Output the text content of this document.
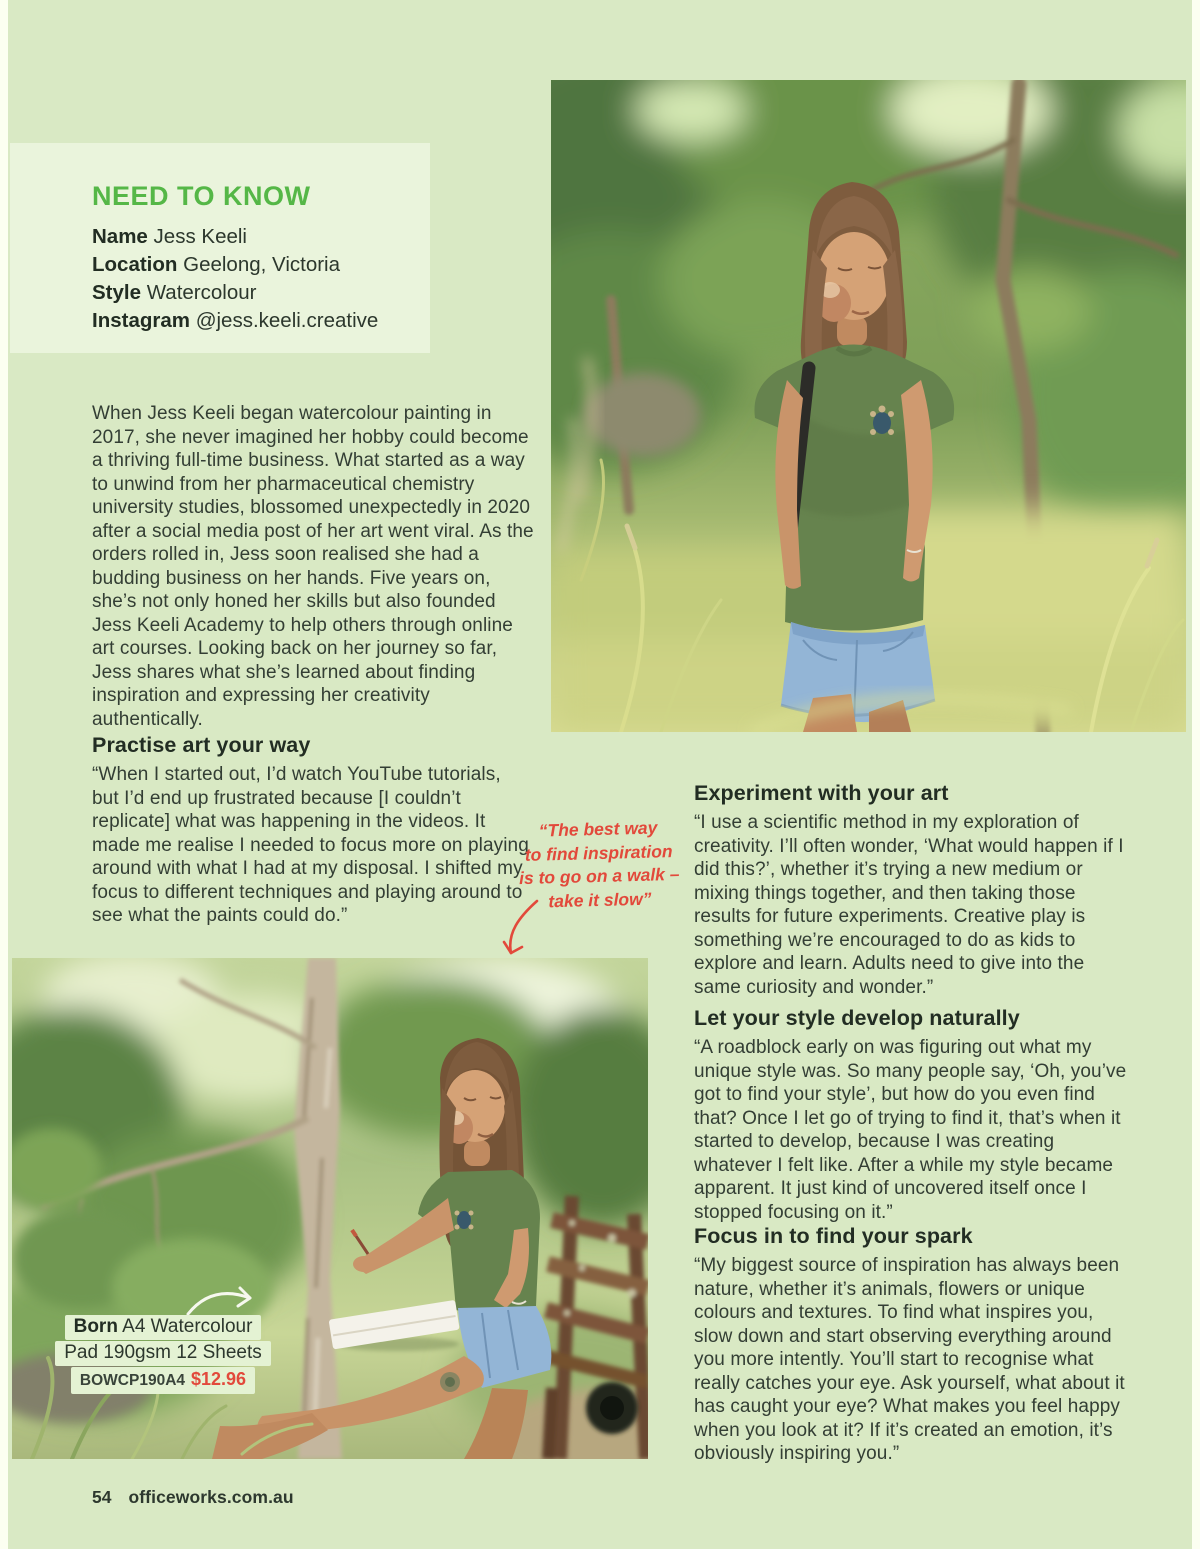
NEED TO KNOW
Name Jess Keeli
Location Geelong, Victoria
Style Watercolour
Instagram @jess.keeli.creative

When Jess Keeli began watercolour painting in 2017, she never imagined her hobby could become a thriving full-time business. What started as a way to unwind from her pharmaceutical chemistry university studies, blossomed unexpectedly in 2020 after a social media post of her art went viral. As the orders rolled in, Jess soon realised she had a budding business on her hands. Five years on, she’s not only honed her skills but also founded Jess Keeli Academy to help others through online art courses. Looking back on her journey so far, Jess shares what she’s learned about finding inspiration and expressing her creativity authentically.

Practise art your way

“When I started out, I’d watch YouTube tutorials, but I’d end up frustrated because [I couldn’t replicate] what was happening in the videos. It made me realise I needed to focus more on playing around with what I had at my disposal. I shifted my focus to different techniques and playing around to see what the paints could do.”

“The best way
to find inspiration
is to go on a walk –
take it slow”
Born A4 Watercolour
Pad 190gsm 12 Sheets
BOWCP190A4 $12.96
Experiment with your art

“I use a scientific method in my exploration of creativity. I’ll often wonder, ‘What would happen if I did this?’, whether it’s trying a new medium or mixing things together, and then taking those results for future experiments. Creative play is something we’re encouraged to do as kids to explore and learn. Adults need to give into the same curiosity and wonder.”

Let your style develop naturally

“A roadblock early on was figuring out what my unique style was. So many people say, ‘Oh, you’ve got to find your style’, but how do you even find that? Once I let go of trying to find it, that’s when it started to develop, because I was creating whatever I felt like. After a while my style became apparent. It just kind of uncovered itself once I stopped focusing on it.”

Focus in to find your spark

“My biggest source of inspiration has always been nature, whether it’s animals, flowers or unique colours and textures. To find what inspires you, slow down and start observing everything around you more intently. You’ll start to recognise what really catches your eye. Ask yourself, what about it has caught your eye? What makes you feel happy when you look at it? If it’s created an emotion, it’s obviously inspiring you.”

54 officeworks.com.au
